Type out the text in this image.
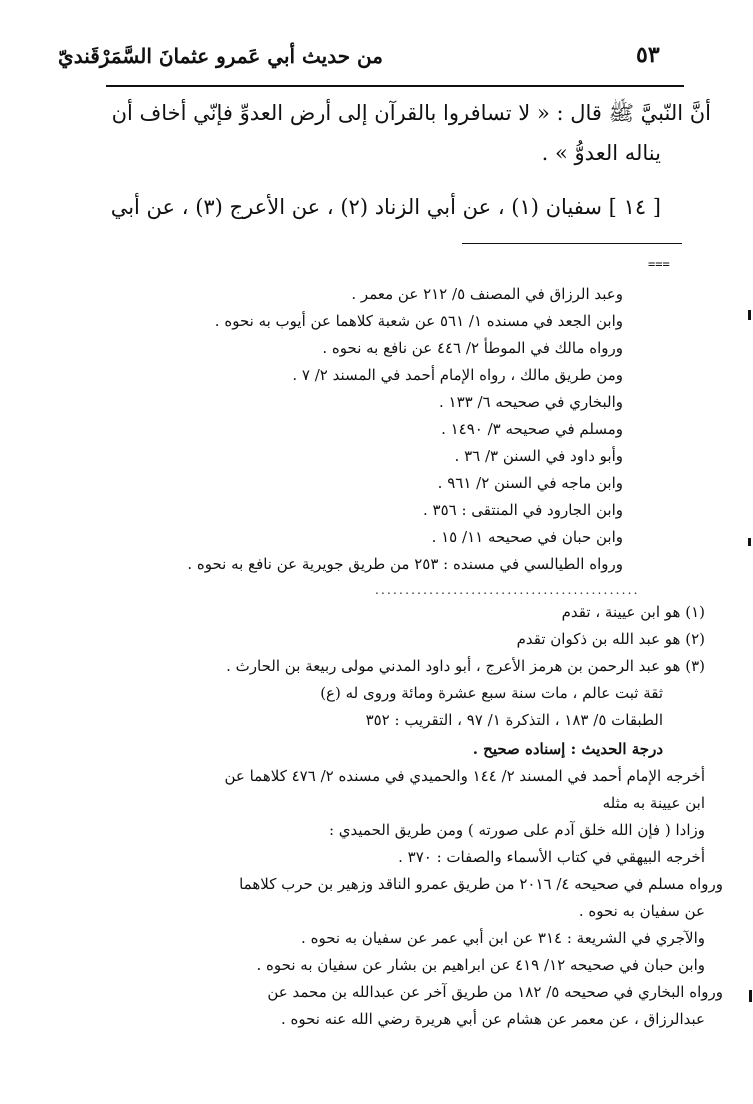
من حديث أبي عَمرو عثمانَ السَّمَرْقَنديّ	٥٣
أنَّ النّبيَّ ﷺ قال : « لا تسافروا بالقرآن إلى أرض العدوِّ فإنّي أخاف أن
يناله العدوُّ » .
[ ١٤ ] سفيان (١) ، عن أبي الزناد (٢) ، عن الأعرج (٣) ، عن أبي
===
وعبد الرزاق في المصنف ٥/ ٢١٢ عن معمر .
وابن الجعد في مسنده ١/ ٥٦١ عن شعبة كلاهما عن أيوب به نحوه .
ورواه مالك في الموطأ ٢/ ٤٤٦ عن نافع به نحوه .
ومن طريق مالك ، رواه الإمام أحمد في المسند ٢/ ٧ .
والبخاري في صحيحه ٦/ ١٣٣ .
ومسلم في صحيحه ٣/ ١٤٩٠ .
وأبو داود في السنن ٣/ ٣٦ .
وابن ماجه في السنن ٢/ ٩٦١ .
وابن الجارود في المنتقى : ٣٥٦ .
وابن حبان في صحيحه ١١/ ١٥ .
ورواه الطيالسي في مسنده : ٢٥٣ من طريق جويرية عن نافع به نحوه .
............................................
(١) هو ابن عيينة ، تقدم
(٢) هو عبد الله بن ذكوان تقدم
(٣) هو عبد الرحمن بن هرمز الأعرج ، أبو داود المدني مولى ربيعة بن الحارث .
ثقة ثبت عالم ، مات سنة سبع عشرة ومائة وروى له (ع)
الطبقات ٥/ ١٨٣ ، التذكرة ١/ ٩٧ ، التقريب : ٣٥٢
درجة الحديث : إسناده صحيح .
أخرجه الإمام أحمد في المسند ٢/ ١٤٤ والحميدي في مسنده ٢/ ٤٧٦ كلاهما عن
ابن عيينة به مثله
وزادا ( فإن الله خلق آدم على صورته ) ومن طريق الحميدي :
أخرجه البيهقي في كتاب الأسماء والصفات : ٣٧٠ .
ورواه مسلم في صحيحه ٤/ ٢٠١٦ من طريق عمرو الناقد وزهير بن حرب كلاهما
عن سفيان به نحوه .
والآجري في الشريعة : ٣١٤ عن ابن أبي عمر عن سفيان به نحوه .
وابن حبان في صحيحه ١٢/ ٤١٩ عن ابراهيم بن بشار عن سفيان به نحوه .
ورواه البخاري في صحيحه ٥/ ١٨٢ من طريق آخر عن عبدالله بن محمد عن
عبدالرزاق ، عن معمر عن هشام عن أبي هريرة رضي الله عنه نحوه .
